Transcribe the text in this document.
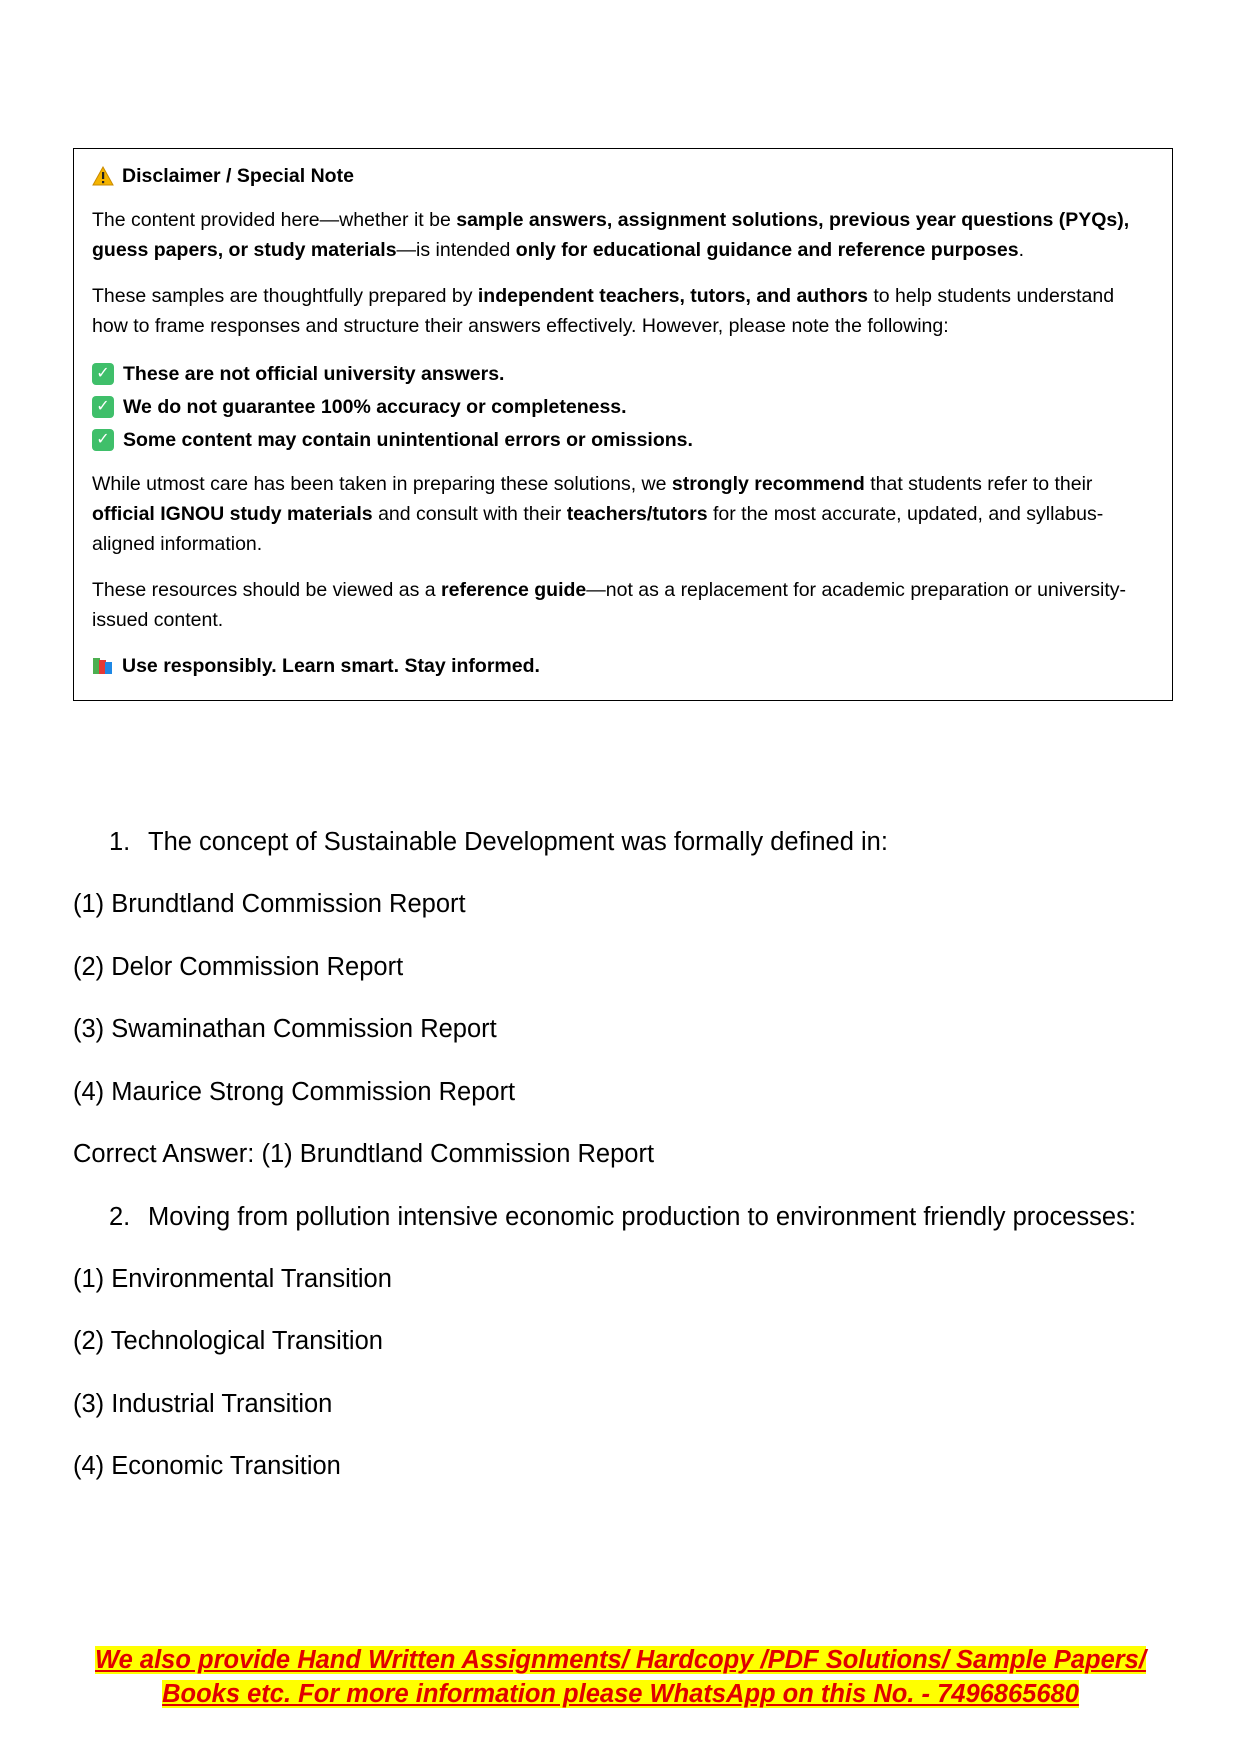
Disclaimer / Special Note

The content provided here—whether it be sample answers, assignment solutions, previous year questions (PYQs), guess papers, or study materials—is intended only for educational guidance and reference purposes.

These samples are thoughtfully prepared by independent teachers, tutors, and authors to help students understand how to frame responses and structure their answers effectively. However, please note the following:

✓ These are not official university answers.
✓ We do not guarantee 100% accuracy or completeness.
✓ Some content may contain unintentional errors or omissions.

While utmost care has been taken in preparing these solutions, we strongly recommend that students refer to their official IGNOU study materials and consult with their teachers/tutors for the most accurate, updated, and syllabus-aligned information.

These resources should be viewed as a reference guide—not as a replacement for academic preparation or university-issued content.

Use responsibly. Learn smart. Stay informed.
1. The concept of Sustainable Development was formally defined in:
(1) Brundtland Commission Report
(2) Delor Commission Report
(3) Swaminathan Commission Report
(4) Maurice Strong Commission Report
Correct Answer: (1) Brundtland Commission Report
2. Moving from pollution intensive economic production to environment friendly processes:
(1) Environmental Transition
(2) Technological Transition
(3) Industrial Transition
(4) Economic Transition
We also provide Hand Written Assignments/ Hardcopy /PDF Solutions/ Sample Papers/
Books etc. For more information please WhatsApp on this No. - 7496865680
